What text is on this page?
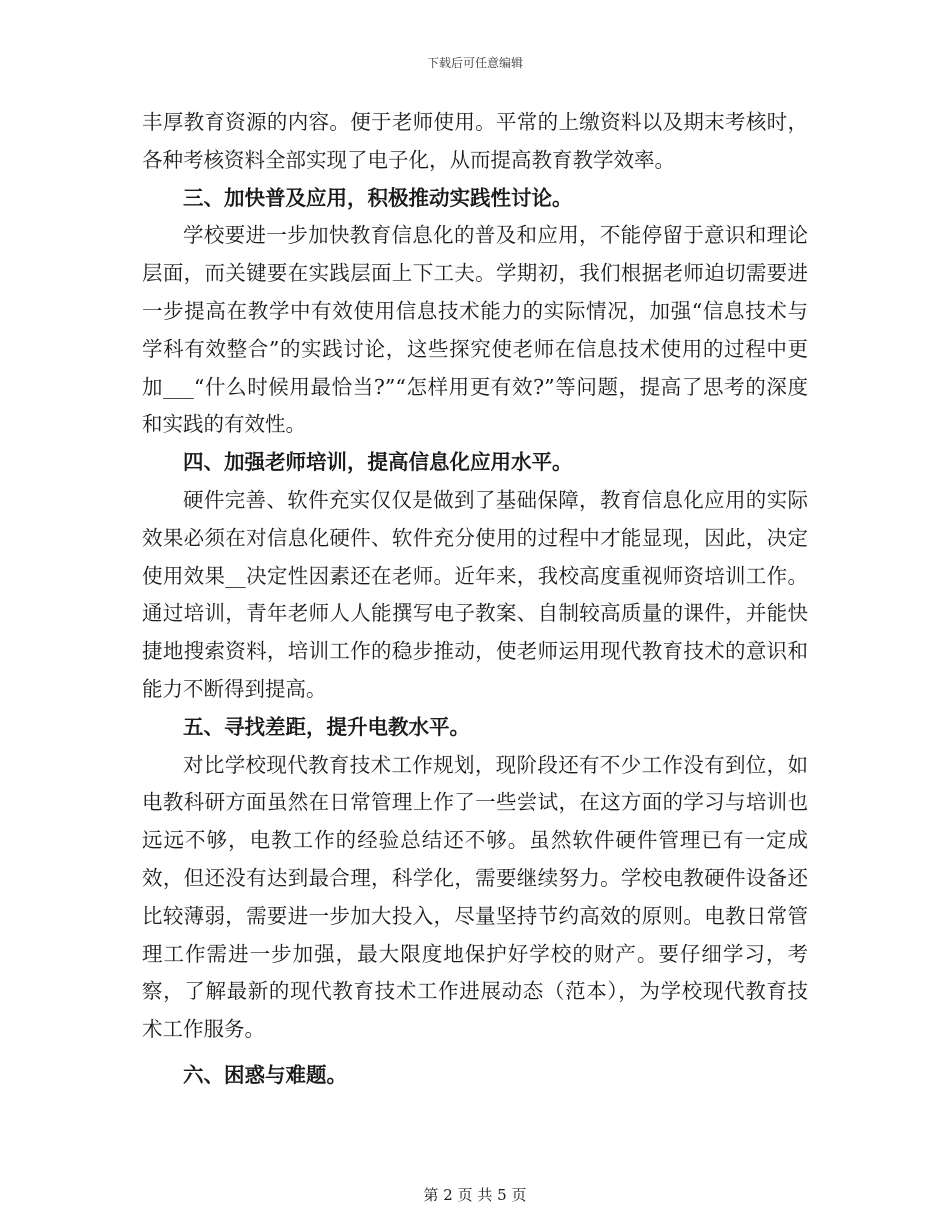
下载后可任意编辑

丰厚教育资源的内容。便于老师使用。平常的上缴资料以及期末考核时，各种考核资料全部实现了电子化，从而提高教育教学效率。

三、加快普及应用，积极推动实践性讨论。

学校要进一步加快教育信息化的普及和应用，不能停留于意识和理论层面，而关键要在实践层面上下工夫。学期初，我们根据老师迫切需要进一步提高在教学中有效使用信息技术能力的实际情况，加强“信息技术与学科有效整合”的实践讨论，这些探究使老师在信息技术使用的过程中更加___“什么时候用最恰当?”“怎样用更有效?”等问题，提高了思考的深度和实践的有效性。

四、加强老师培训，提高信息化应用水平。

硬件完善、软件充实仅仅是做到了基础保障，教育信息化应用的实际效果必须在对信息化硬件、软件充分使用的过程中才能显现，因此，决定使用效果__决定性因素还在老师。近年来，我校高度重视师资培训工作。通过培训，青年老师人人能撰写电子教案、自制较高质量的课件，并能快捷地搜索资料，培训工作的稳步推动，使老师运用现代教育技术的意识和能力不断得到提高。

五、寻找差距，提升电教水平。

对比学校现代教育技术工作规划，现阶段还有不少工作没有到位，如电教科研方面虽然在日常管理上作了一些尝试，在这方面的学习与培训也远远不够，电教工作的经验总结还不够。虽然软件硬件管理已有一定成效，但还没有达到最合理，科学化，需要继续努力。学校电教硬件设备还比较薄弱，需要进一步加大投入，尽量坚持节约高效的原则。电教日常管理工作需进一步加强，最大限度地保护好学校的财产。要仔细学习，考察，了解最新的现代教育技术工作进展动态（范本），为学校现代教育技术工作服务。

六、困惑与难题。
第 2 页 共 5 页
